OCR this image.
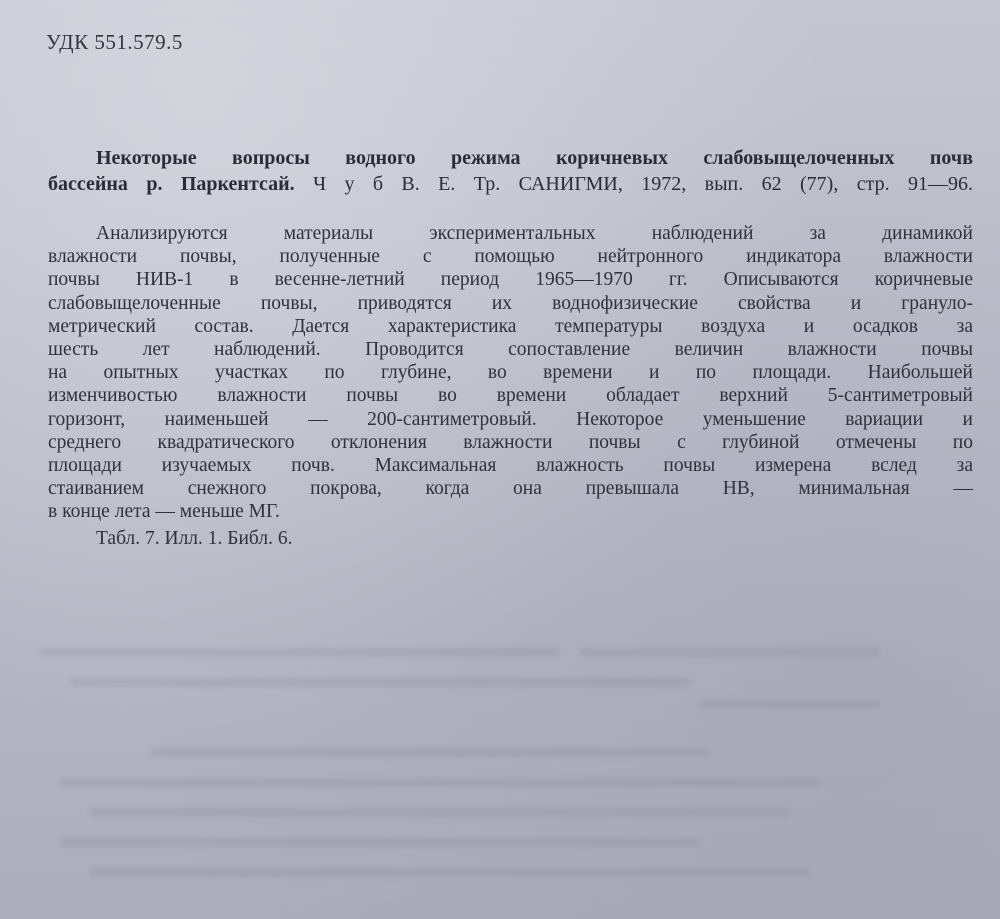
УДК 551.579.5
Некоторые вопросы водного режима коричневых слабовыщелоченных почв
бассейна р. Паркентсай. Ч у б В. Е. Тр. САНИГМИ, 1972, вып. 62 (77), стр. 91—96.
Анализируются материалы экспериментальных наблюдений за динамикой
влажности почвы, полученные с помощью нейтронного индикатора влажности
почвы НИВ-1 в весенне-летний период 1965—1970 гг. Описываются коричневые
слабовыщелоченные почвы, приводятся их воднофизические свойства и грануло-
метрический состав. Дается характеристика температуры воздуха и осадков за
шесть лет наблюдений. Проводится сопоставление величин влажности почвы
на опытных участках по глубине, во времени и по площади. Наибольшей
изменчивостью влажности почвы во времени обладает верхний 5-сантиметровый
горизонт, наименьшей — 200-сантиметровый. Некоторое уменьшение вариации и
среднего квадратического отклонения влажности почвы с глубиной отмечены по
площади изучаемых почв. Максимальная влажность почвы измерена вслед за
стаиванием снежного покрова, когда она превышала НВ, минимальная —
в конце лета — меньше МГ.
Табл. 7. Илл. 1. Библ. 6.
